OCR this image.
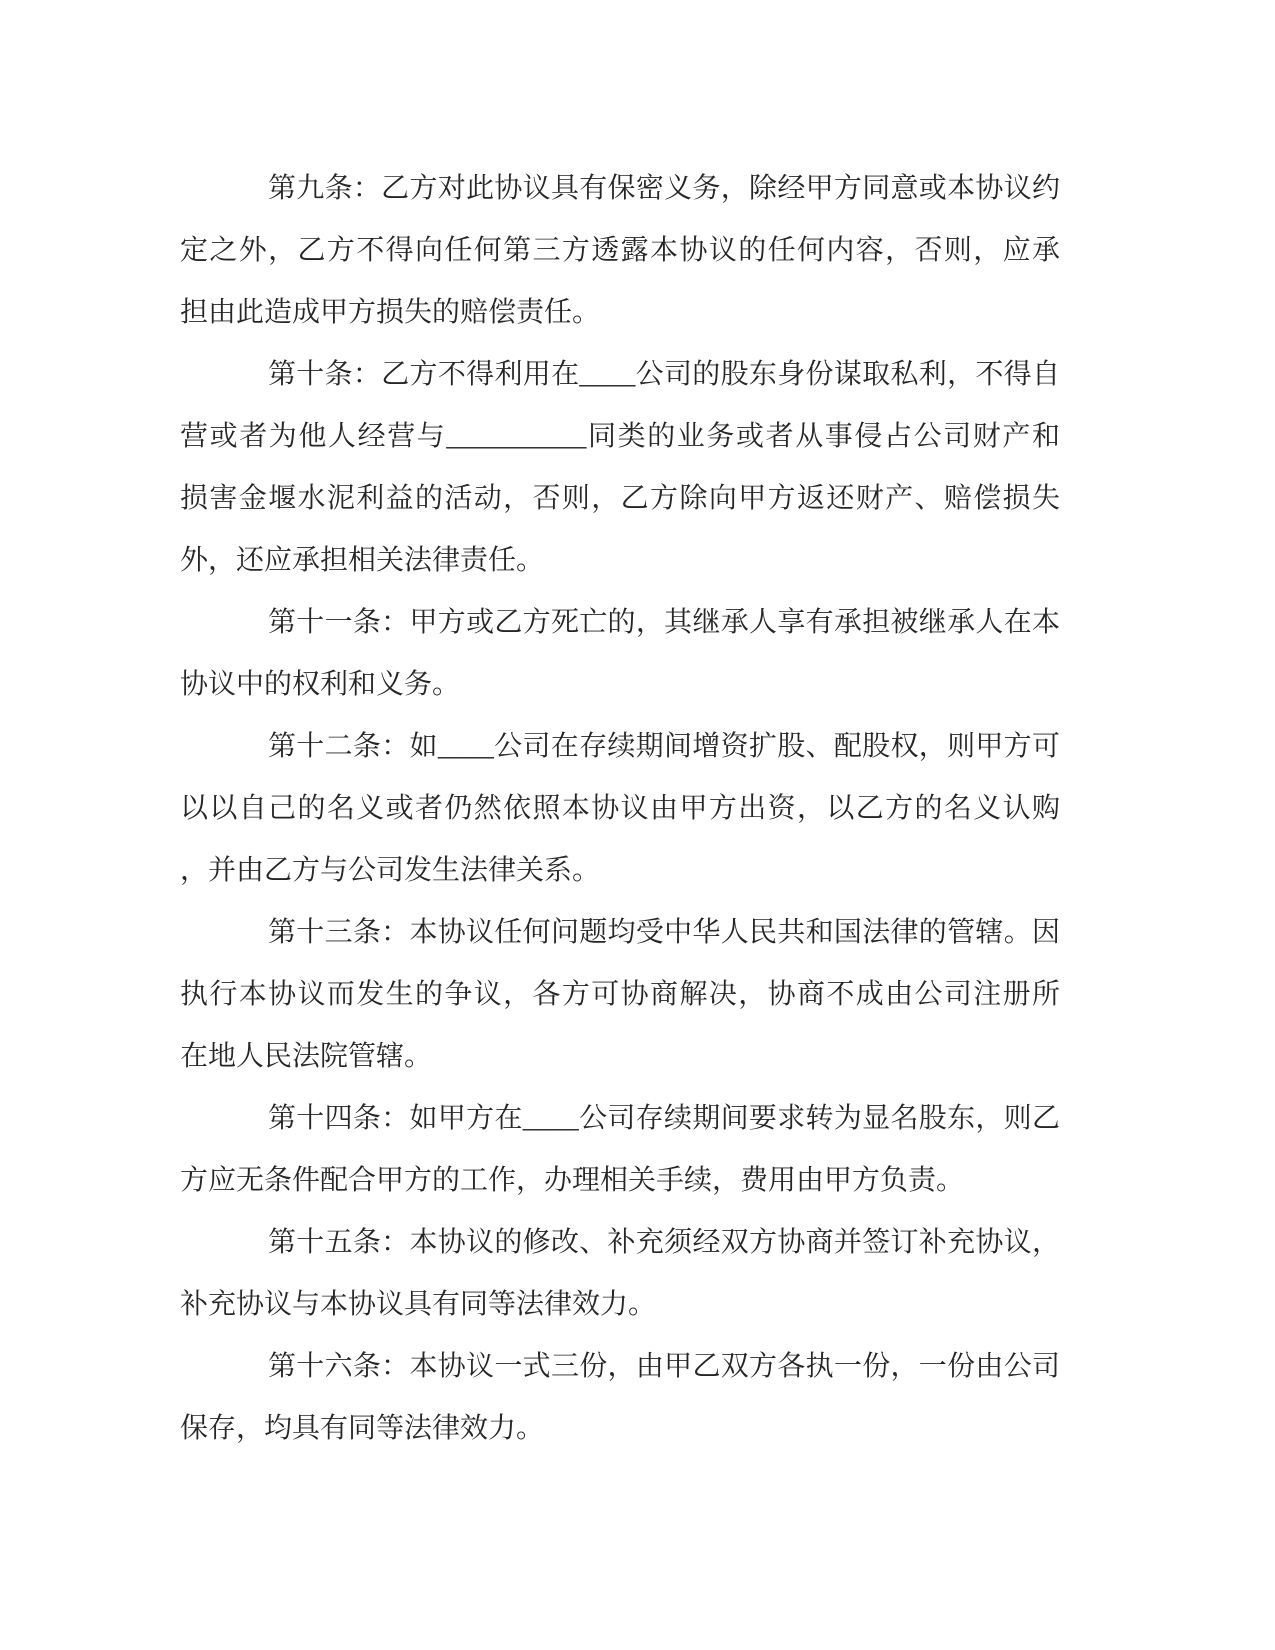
第九条：乙方对此协议具有保密义务，除经甲方同意或本协议约
定之外，乙方不得向任何第三方透露本协议的任何内容，否则，应承
担由此造成甲方损失的赔偿责任。
第十条：乙方不得利用在____公司的股东身份谋取私利，不得自
营或者为他人经营与__________同类的业务或者从事侵占公司财产和
损害金堰水泥利益的活动，否则，乙方除向甲方返还财产、赔偿损失
外，还应承担相关法律责任。
第十一条：甲方或乙方死亡的，其继承人享有承担被继承人在本
协议中的权利和义务。
第十二条：如____公司在存续期间增资扩股、配股权，则甲方可
以以自己的名义或者仍然依照本协议由甲方出资，以乙方的名义认购
，并由乙方与公司发生法律关系。
第十三条：本协议任何问题均受中华人民共和国法律的管辖。因
执行本协议而发生的争议，各方可协商解决，协商不成由公司注册所
在地人民法院管辖。
第十四条：如甲方在____公司存续期间要求转为显名股东，则乙
方应无条件配合甲方的工作，办理相关手续，费用由甲方负责。
第十五条：本协议的修改、补充须经双方协商并签订补充协议，
补充协议与本协议具有同等法律效力。
第十六条：本协议一式三份，由甲乙双方各执一份，一份由公司
保存，均具有同等法律效力。
